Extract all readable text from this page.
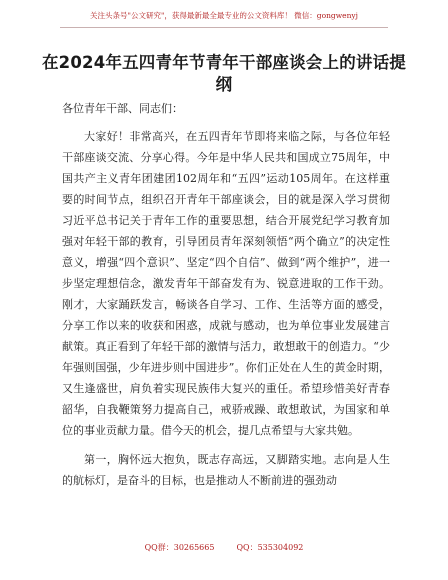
关注头条号"公文研究"，获得最新最全最专业的公文资料库！ 微信：gongwenyj
在2024年五四青年节青年干部座谈会上的讲话提纲
各位青年干部、同志们：

大家好！非常高兴，在五四青年节即将来临之际，与各位年轻干部座谈交流、分享心得。今年是中华人民共和国成立75周年，中国共产主义青年团建团102周年和“五四”运动105周年。在这样重要的时间节点，组织召开青年干部座谈会，目的就是深入学习贯彻习近平总书记关于青年工作的重要思想，结合开展党纪学习教育加强对年轻干部的教育，引导团员青年深刻领悟“两个确立”的决定性意义，增强“四个意识”、坚定“四个自信”、做到“两个维护”，进一步坚定理想信念，激发青年干部奋发有为、锐意进取的工作干劲。刚才，大家踊跃发言，畅谈各自学习、工作、生活等方面的感受，分享工作以来的收获和困惑，成就与感动，也为单位事业发展建言献策。真正看到了年轻干部的激情与活力，敢想敢干的创造力。“少年强则国强，少年进步则中国进步”。你们正处在人生的黄金时期，又生逢盛世，肩负着实现民族伟大复兴的重任。希望珍惜美好青春韶华，自我鞭策努力提高自己，戒骄戒躁、敢想敢试，为国家和单位的事业贡献力量。借今天的机会，提几点希望与大家共勉。

第一，胸怀远大抱负，既志存高远，又脚踏实地。志向是人生的航标灯，是奋斗的目标，也是推动人不断前进的强劲动

QQ群：30265665	QQ：535304092
